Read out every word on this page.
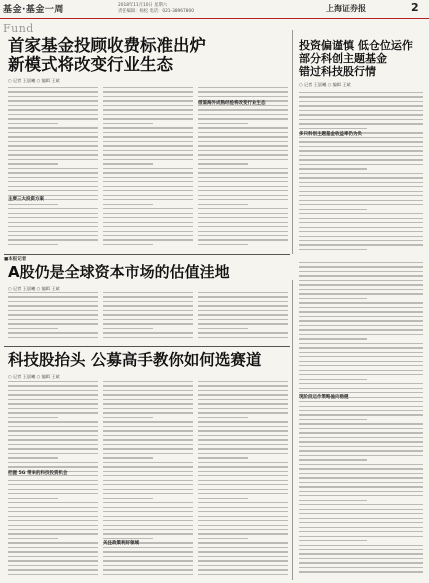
基金·基金一周	2018年11月10日 星期六
责任编辑：杨松 电话：021-38967800	上海证券报	2
Fund
首家基金投顾收费标准出炉
新模式将改变行业生态
○ 记者 王晨曦 ○ 编辑 王斌
投资偏谨慎 低仓位运作
部分科创主题基金
错过科技股行情
○ 记者 王晨曦 ○ 编辑 王斌
主要三大投资方案
借鉴海外成熟经验将改变行业生态
多只科创主题基金收益率仍为负
■本报记者
A股仍是全球资本市场的估值洼地
○ 记者 王晨曦 ○ 编辑 王斌
科技股抬头 公募高手教你如何选赛道
○ 记者 王晨曦 ○ 编辑 王斌
把握 5G 带来的科技投资机会
关注政策利好领域
